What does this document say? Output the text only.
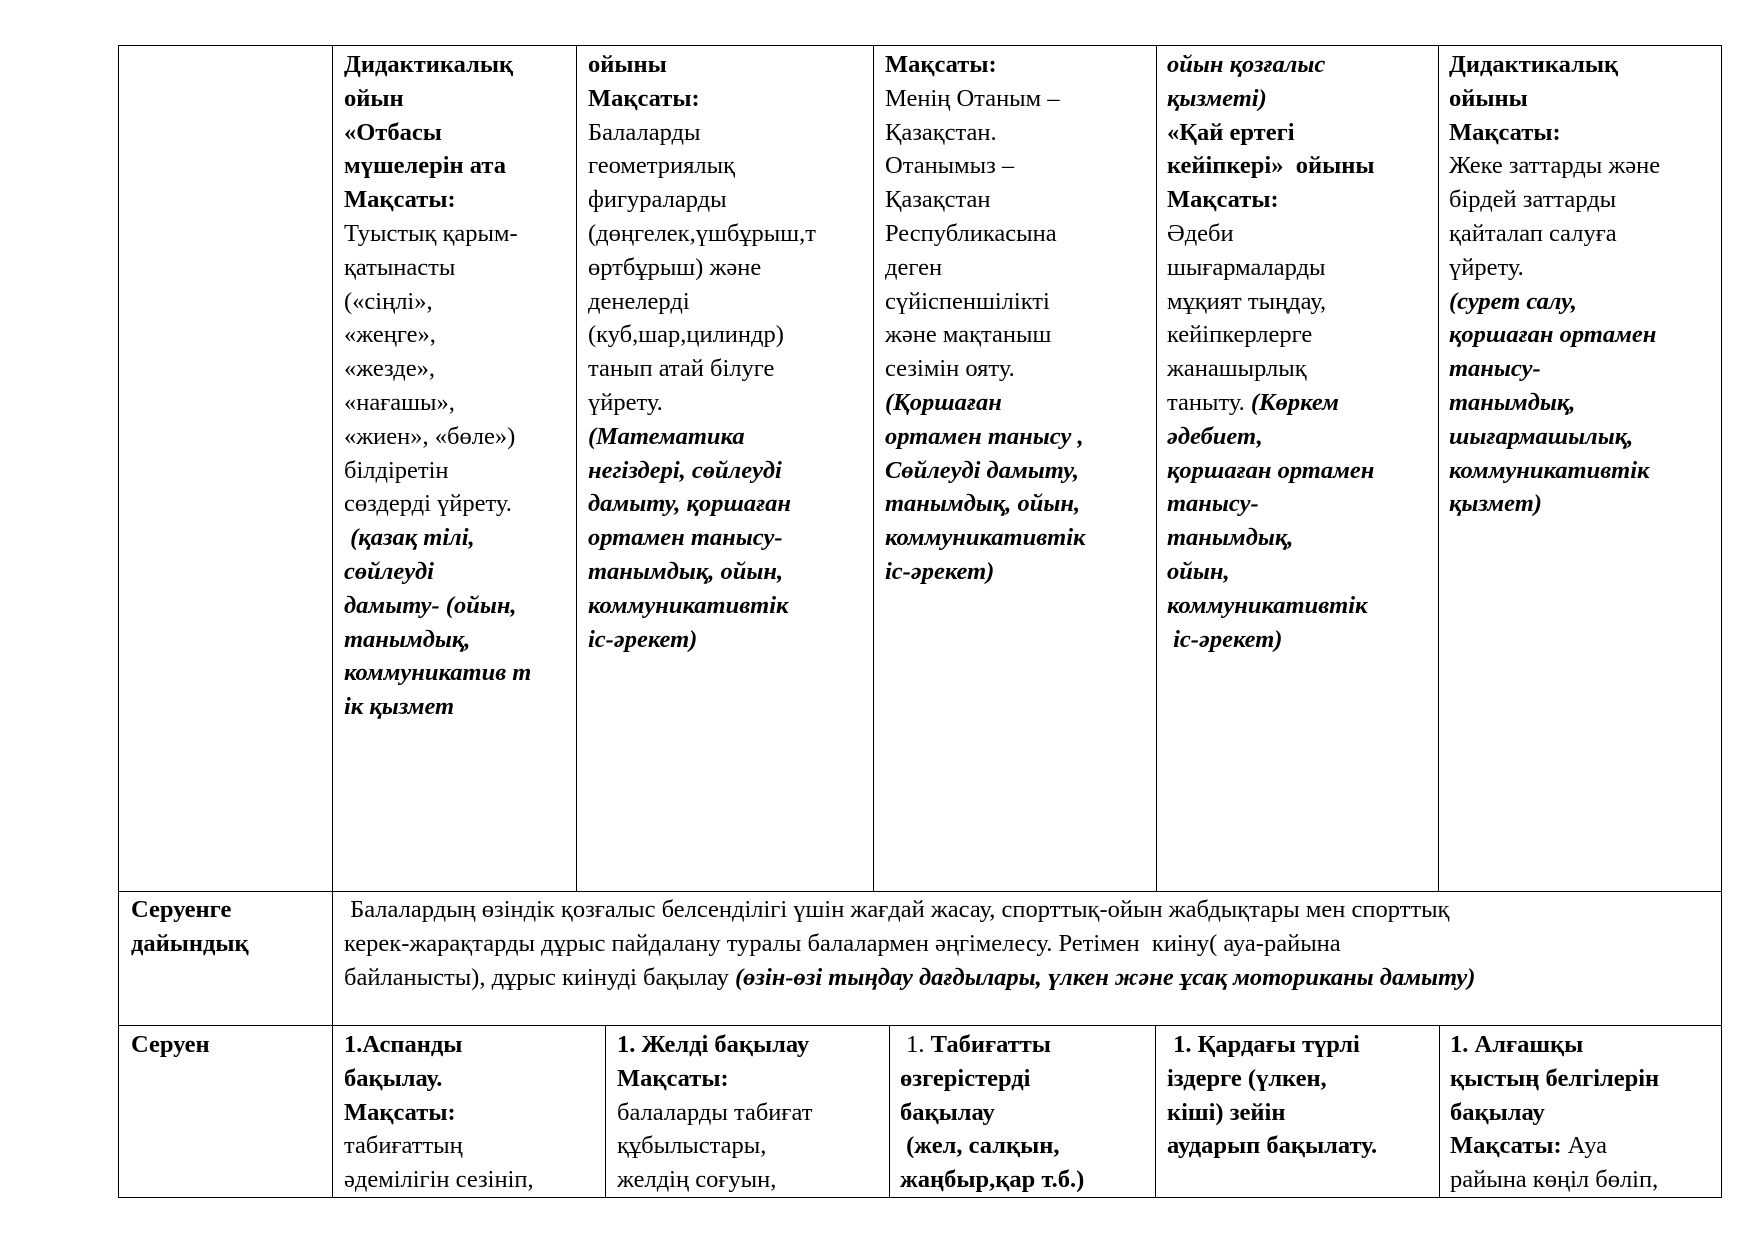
Дидактикалық
ойын
«Отбасы
мүшелерін ата
Мақсаты:
Туыстық қарым-
қатынасты
(«сіңлі»,
«жеңге»,
«жезде»,
«нағашы»,
«жиен», «бөле»)
білдіретін
сөздерді үйрету.
(қазақ тілі,
сөйлеуді
дамыту- (ойын,
танымдық,
коммуникатив т
ік қызмет
ойыны
Мақсаты:
Балаларды
геометриялық
фигураларды
(дөңгелек,үшбұрыш,т
өртбұрыш) және
денелерді
(куб,шар,цилиндр)
танып атай білуге
үйрету.
(Математика
негіздері, сөйлеуді
дамыту, қоршаған
ортамен танысу-
танымдық, ойын,
коммуникативтік
іс-әрекет)
Мақсаты:
Менің Отаным –
Қазақстан.
Отанымыз –
Қазақстан
Республикасына
деген
сүйіспеншілікті
және мақтаныш
сезімін ояту.
(Қоршаған
ортамен танысу ,
Сөйлеуді дамыту,
танымдық, ойын,
коммуникативтік
іс-әрекет)
ойын қозғалыс
қызметі)
«Қай ертегі
кейіпкері»  ойыны
Мақсаты:
Әдеби
шығармаларды
мұқият тыңдау,
кейіпкерлерге
жанашырлық
таныту. (Көркем
әдебиет,
қоршаған ортамен
танысу-
танымдық,
ойын,
коммуникативтік
іс-әрекет)
Дидактикалық
ойыны
Мақсаты:
Жеке заттарды және
бірдей заттарды
қайталап салуға
үйрету.
(сурет салу,
қоршаған ортамен
танысу-
танымдық,
шығармашылық,
коммуникативтік
қызмет)
Серуенге
дайындық
Балалардың өзіндік қозғалыс белсенділігі үшін жағдай жасау, спорттық-ойын жабдықтары мен спорттық
керек-жарақтарды дұрыс пайдалану туралы балалармен әңгімелесу. Ретімен  киіну( ауа-райына
байланысты), дұрыс киінуді бақылау (өзін-өзі тыңдау дағдылары, үлкен және ұсақ моториканы дамыту)
Серуен	1.Аспанды
бақылау.
Мақсаты:
табиғаттың
әдемілігін сезініп,
1. Желді бақылау
Мақсаты:
балаларды табиғат
құбылыстары,
желдің соғуын,
1. Табиғатты
өзгерістерді
бақылау
(жел, салқын,
жаңбыр,қар т.б.)
1. Қардағы түрлі
іздерге (үлкен,
кіші) зейін
аударып бақылату.
1. Алғашқы
қыстың белгілерін
бақылау
Мақсаты: Ауа
райына көңіл бөліп,
